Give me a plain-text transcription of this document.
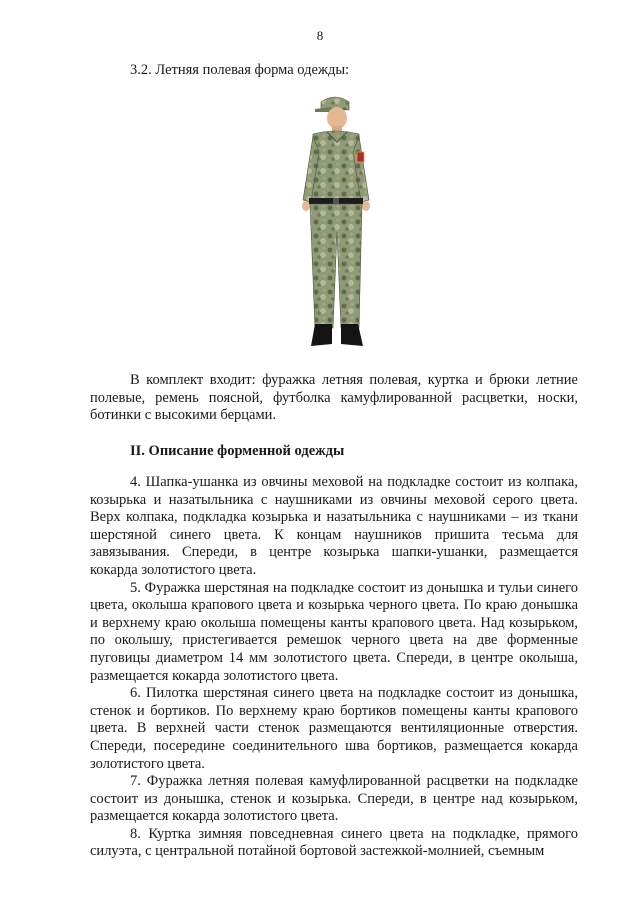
8
3.2. Летняя полевая форма одежды:

В комплект входит: фуражка летняя полевая, куртка и брюки летние полевые, ремень поясной, футболка камуфлированной расцветки, носки, ботинки с высокими берцами.

II. Описание форменной одежды

4. Шапка-ушанка из овчины меховой на подкладке состоит из колпака, козырька и назатыльника с наушниками из овчины меховой серого цвета. Верх колпака, подкладка козырька и назатыльника с наушниками – из ткани шерстяной синего цвета. К концам наушников пришита тесьма для завязывания. Спереди, в центре козырька шапки-ушанки, размещается кокарда золотистого цвета.

5. Фуражка шерстяная на подкладке состоит из донышка и тульи синего цвета, околыша крапового цвета и козырька черного цвета. По краю донышка и верхнему краю околыша помещены канты крапового цвета. Над козырьком, по околышу, пристегивается ремешок черного цвета на две форменные пуговицы диаметром 14 мм золотистого цвета. Спереди, в центре околыша, размещается кокарда золотистого цвета.

6. Пилотка шерстяная синего цвета на подкладке состоит из донышка, стенок и бортиков. По верхнему краю бортиков помещены канты крапового цвета. В верхней части стенок размещаются вентиляционные отверстия. Спереди, посередине соединительного шва бортиков, размещается кокарда золотистого цвета.

7. Фуражка летняя полевая камуфлированной расцветки на подкладке состоит из донышка, стенок и козырька. Спереди, в центре над козырьком, размещается кокарда золотистого цвета.

8. Куртка зимняя повседневная синего цвета на подкладке, прямого силуэта, с центральной потайной бортовой застежкой-молнией, съемным
